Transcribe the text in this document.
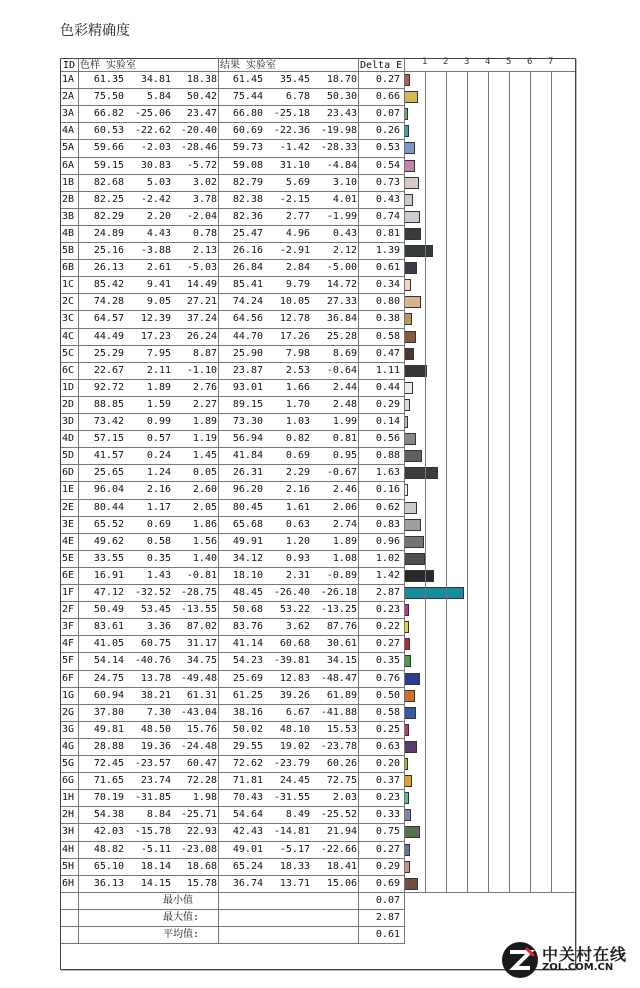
色彩精确度
ID 色样 实验室	结果 实验室	Delta E 1 2 3 4 5 6 7
1A	61.35	34.81	18.38	61.45	35.45	18.70	0.27
2A	75.50	5.84	50.42	75.44	6.78	50.30	0.66
3A	66.82	-25.06	23.47	66.80	-25.18	23.43	0.07
4A	60.53	-22.62 -20.40	60.69	-22.36	-19.98	0.26
5A	59.66	-2.03 -28.46	59.73	-1.42	-28.33	0.53
6A	59.15	30.83	-5.72	59.08	31.10	-4.84	0.54
1B	82.68	5.03	3.02	82.79	5.69	3.10	0.73
2B	82.25	-2.42	3.78	82.38	-2.15	4.01	0.43
3B	82.29	2.20	-2.04	82.36	2.77	-1.99	0.74
4B	24.89	4.43	0.78	25.47	4.96	0.43	0.81
5B	25.16	-3.88	2.13	26.16	-2.91	2.12	1.39
6B	26.13	2.61	-5.03	26.84	2.84	-5.00	0.61
1C	85.42	9.41	14.49	85.41	9.79	14.72	0.34
2C	74.28	9.05	27.21	74.24	10.05	27.33	0.80
3C	64.57	12.39	37.24	64.56	12.78	36.84	0.38
4C	44.49	17.23	26.24	44.70	17.26	25.28	0.58
5C	25.29	7.95	8.87	25.90	7.98	8.69	0.47
6C	22.67	2.11	-1.10	23.87	2.53	-0.64	1.11
1D	92.72	1.89	2.76	93.01	1.66	2.44	0.44
2D	88.85	1.59	2.27	89.15	1.70	2.48	0.29
3D	73.42	0.99	1.89	73.30	1.03	1.99	0.14
4D	57.15	0.57	1.19	56.94	0.82	0.81	0.56
5D	41.57	0.24	1.45	41.84	0.69	0.95	0.88
6D	25.65	1.24	0.05	26.31	2.29	-0.67	1.63
1E	96.04	2.16	2.60	96.20	2.16	2.46	0.16
2E	80.44	1.17	2.05	80.45	1.61	2.06	0.62
3E	65.52	0.69	1.86	65.68	0.63	2.74	0.83
4E	49.62	0.58	1.56	49.91	1.20	1.89	0.96
5E	33.55	0.35	1.40	34.12	0.93	1.08	1.02
6E	16.91	1.43	-0.81	18.10	2.31	-0.89	1.42
1F	47.12	-32.52 -28.75	48.45	-26.40	-26.18	2.87
2F	50.49	53.45 -13.55	50.68	53.22	-13.25	0.23
3F	83.61	3.36	87.02	83.76	3.62	87.76	0.22
4F	41.05	60.75	31.17	41.14	60.68	30.61	0.27
5F	54.14	-40.76	34.75	54.23	-39.81	34.15	0.35
6F	24.75	13.78 -49.48	25.69	12.83	-48.47	0.76
1G	60.94	38.21	61.31	61.25	39.26	61.89	0.50
2G	37.80	7.30 -43.04	38.16	6.67	-41.88	0.58
3G	49.81	48.50	15.76	50.02	48.10	15.53	0.25
4G	28.88	19.36 -24.48	29.55	19.02	-23.78	0.63
5G	72.45	-23.57	60.47	72.62	-23.79	60.26	0.20
6G	71.65	23.74	72.28	71.81	24.45	72.75	0.37
1H	70.19	-31.85	1.98	70.43	-31.55	2.03	0.23
2H	54.38	8.84 -25.71	54.64	8.49	-25.52	0.33
3H	42.03	-15.78	22.93	42.43	-14.81	21.94	0.75
4H	48.82	-5.11 -23.08	49.01	-5.17	-22.66	0.27
5H	65.10	18.14	18.68	65.24	18.33	18.41	0.29
6H	36.13	14.15	15.78	36.74	13.71	15.06	0.69
最小值	0.07
最大值:	2.87
平均值:	0.61
中关村在线
ZOL.COM.CN
